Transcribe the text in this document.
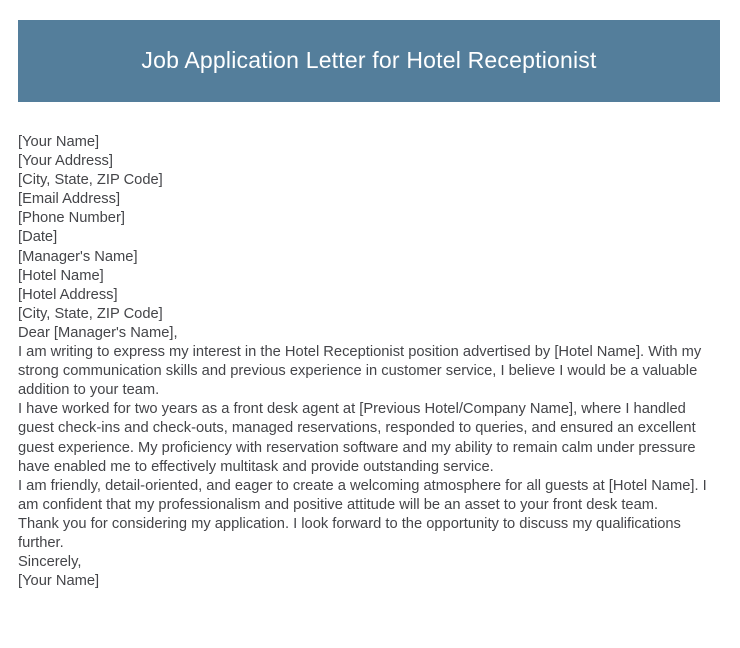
Job Application Letter for Hotel Receptionist

[Your Name]

[Your Address]

[City, State, ZIP Code]

[Email Address]

[Phone Number]

[Date]

[Manager's Name]

[Hotel Name]

[Hotel Address]

[City, State, ZIP Code]

Dear [Manager's Name],

I am writing to express my interest in the Hotel Receptionist position advertised by [Hotel Name]. With my strong communication skills and previous experience in customer service, I believe I would be a valuable addition to your team.

I have worked for two years as a front desk agent at [Previous Hotel/Company Name], where I handled guest check-ins and check-outs, managed reservations, responded to queries, and ensured an excellent guest experience. My proficiency with reservation software and my ability to remain calm under pressure have enabled me to effectively multitask and provide outstanding service.

I am friendly, detail-oriented, and eager to create a welcoming atmosphere for all guests at [Hotel Name]. I am confident that my professionalism and positive attitude will be an asset to your front desk team.

Thank you for considering my application. I look forward to the opportunity to discuss my qualifications further.

Sincerely,

[Your Name]
